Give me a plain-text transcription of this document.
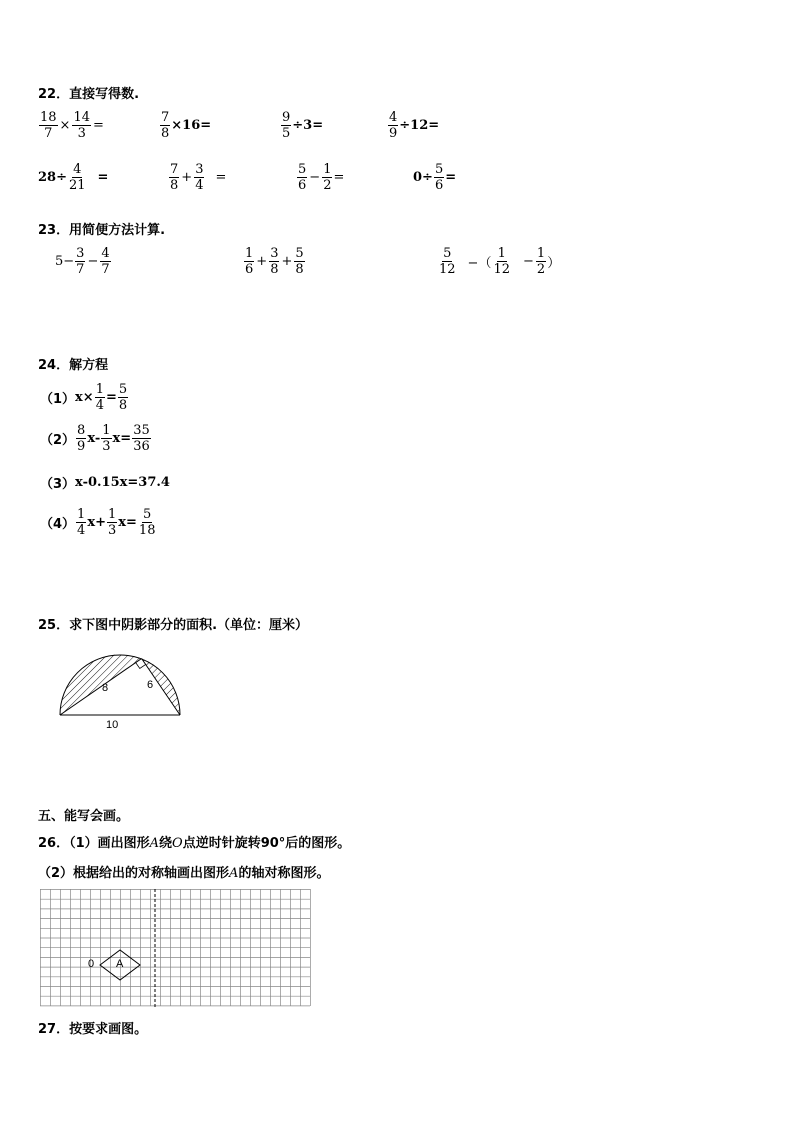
22．直接写得数.
$\frac{18}{7} \times \frac{14}{3}$ =	$\frac{7}{8} \times 16=$	$\frac{9}{5} \div 3=$	$\frac{4}{9} \div 12=$
$28\div \frac{4}{21}$ =	$\frac{7}{8} + \frac{3}{4}$ =	$\frac{5}{6} - \frac{1}{2}$ =	$0\div \frac{5}{6}$ =
23．用简便方法计算.
$5- \frac{3}{7} - \frac{4}{7}$	$\frac{1}{6} + \frac{3}{8} + \frac{5}{8}$	$\frac{5}{12}$ −（ $\frac{1}{12} - \frac{1}{2}$ ）
24．解方程
（1） $x\times \frac{1}{4} = \frac{5}{8}$
$(2) \frac{8}{9} x- \frac{1}{3} x= \frac{35}{36}$
（3） x-0.15x=37.4
$(4) \frac{1}{4} x+ \frac{1}{3} x= \frac{5}{18}$
25．求下图中阴影部分的面积.（单位：厘米）
8	6
10
五、能写会画。
26．（1）画出图形A绕O点逆时针旋转90°后的图形。
（2）根据给出的对称轴画出图形A的轴对称图形。
0 A
27．按要求画图。
